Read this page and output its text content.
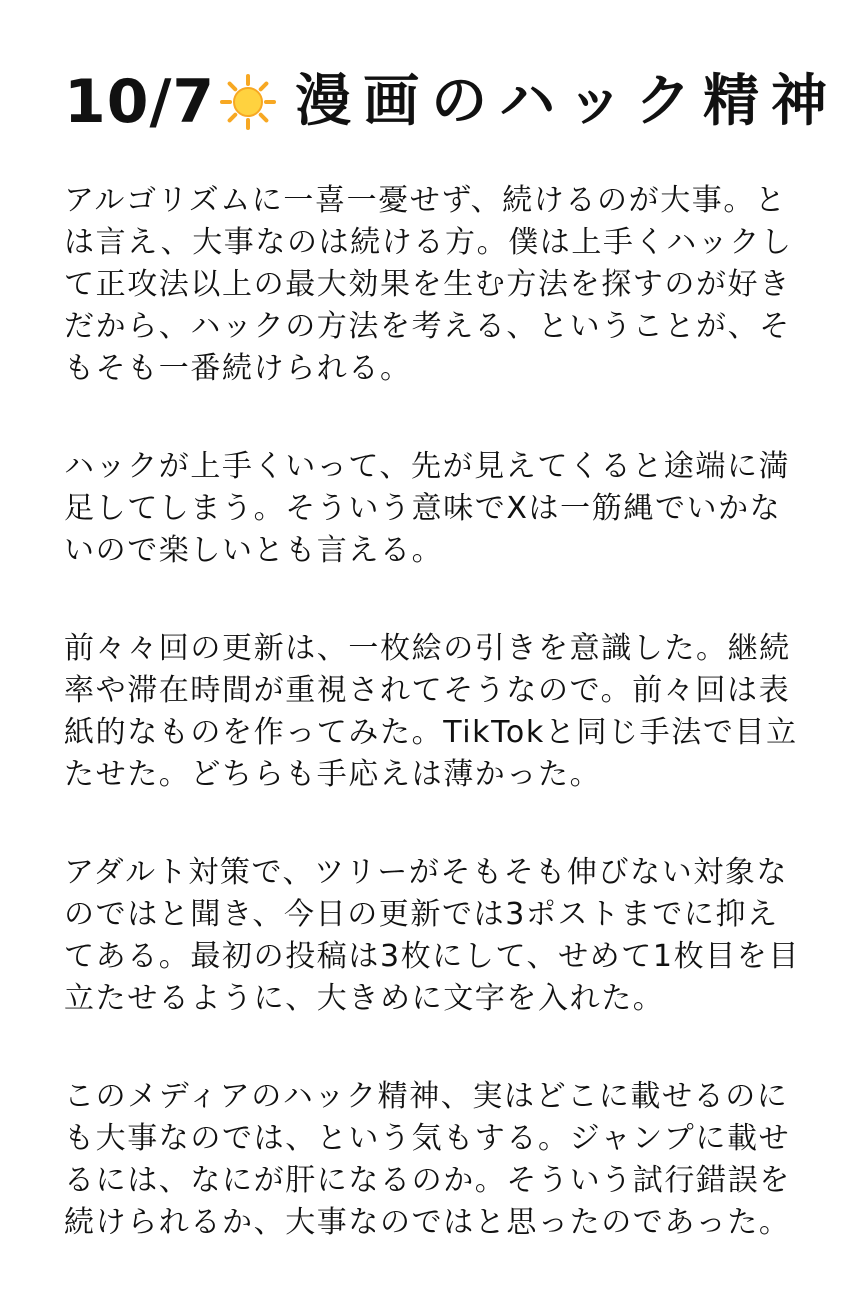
10/7 漫画のハック精神
アルゴリズムに一喜一憂せず、続けるのが大事。と
は言え、大事なのは続ける方。僕は上手くハックし
て正攻法以上の最大効果を生む方法を探すのが好き
だから、ハックの方法を考える、ということが、そ
もそも一番続けられる。
ハックが上手くいって、先が見えてくると途端に満
足してしまう。そういう意味でXは一筋縄でいかな
いので楽しいとも言える。
前々々回の更新は、一枚絵の引きを意識した。継続
率や滞在時間が重視されてそうなので。前々回は表
紙的なものを作ってみた。TikTokと同じ手法で目立
たせた。どちらも手応えは薄かった。
アダルト対策で、ツリーがそもそも伸びない対象な
のではと聞き、今日の更新では3ポストまでに抑え
てある。最初の投稿は3枚にして、せめて1枚目を目
立たせるように、大きめに文字を入れた。
このメディアのハック精神、実はどこに載せるのに
も大事なのでは、という気もする。ジャンプに載せ
るには、なにが肝になるのか。そういう試行錯誤を
続けられるか、大事なのではと思ったのであった。
